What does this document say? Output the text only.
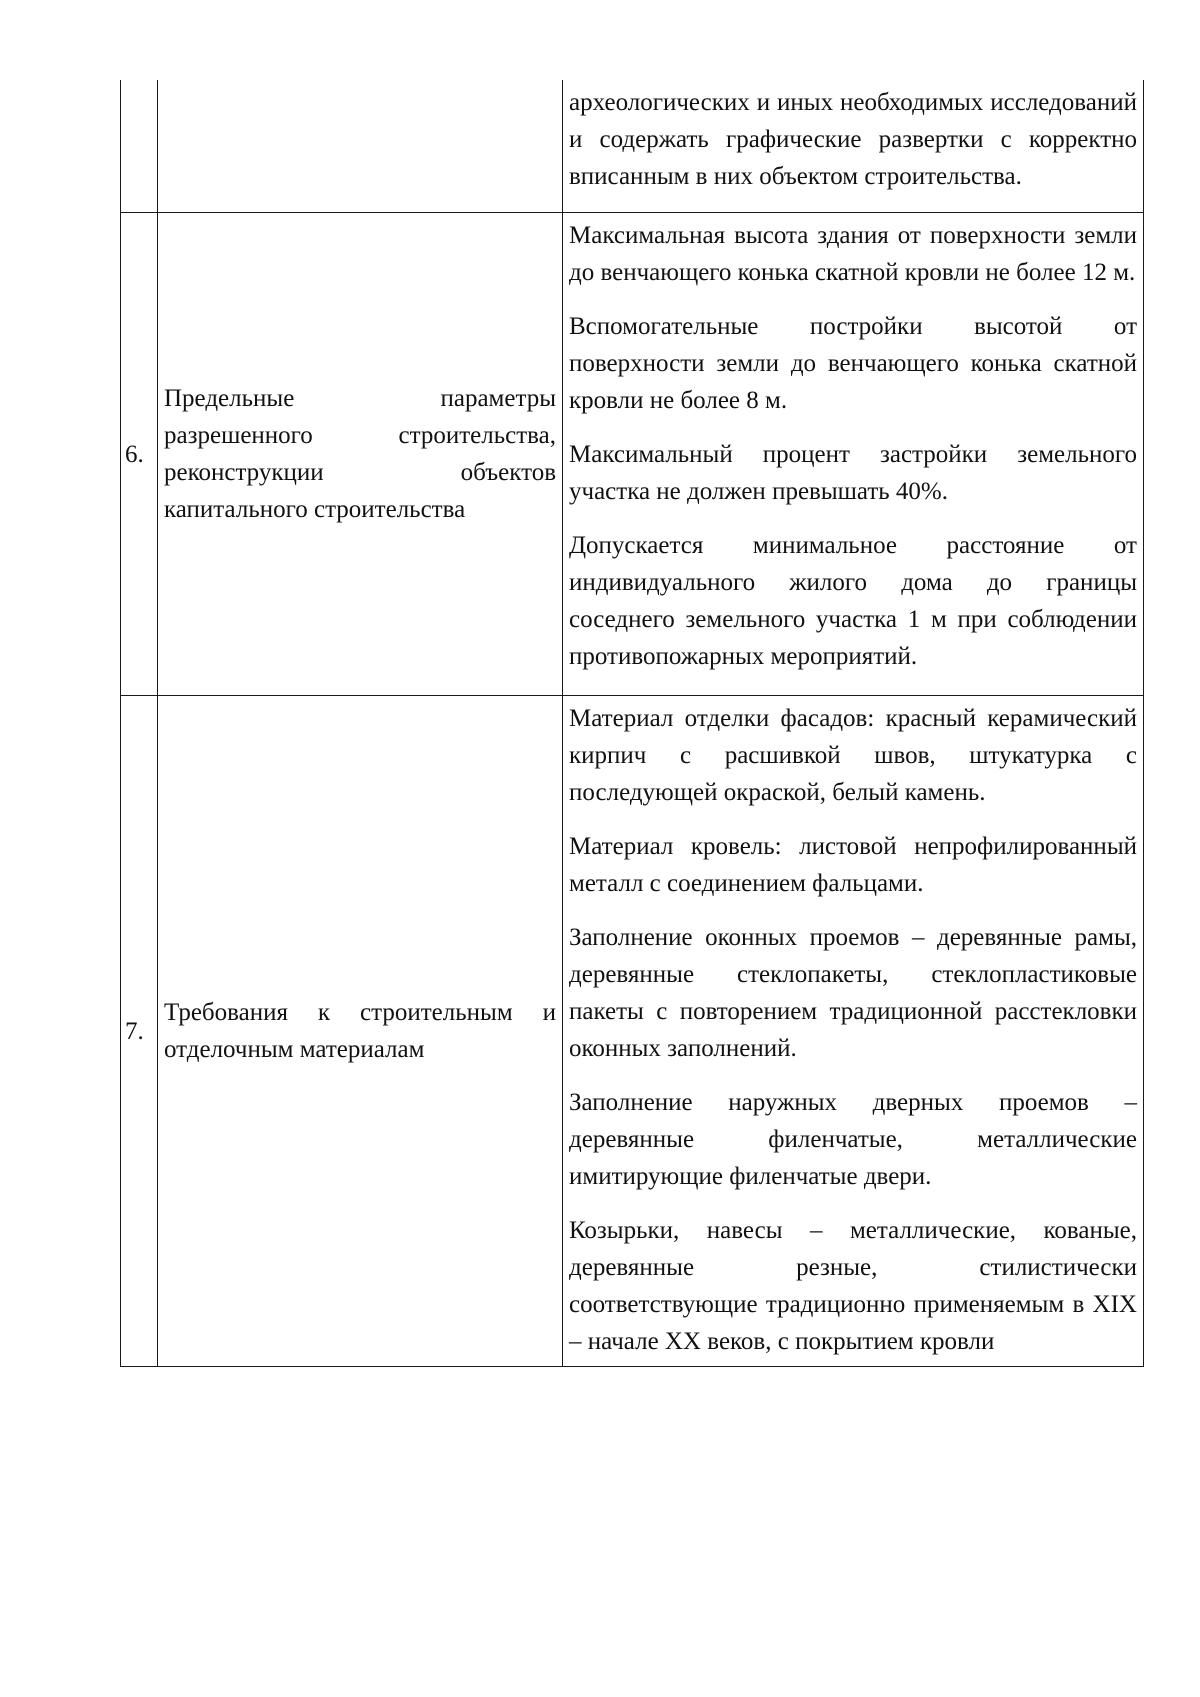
		археологических и иных необходимых исследований и содержать графические развертки с корректно вписанным в них объектом строительства.

6.	Предельные параметры разрешенного строительства, реконструкции объектов капитального строительства	Максимальная высота здания от поверхности земли до венчающего конька скатной кровли не более 12 м.

Вспомогательные постройки высотой от поверхности земли до венчающего конька скатной кровли не более 8 м.

Максимальный процент застройки земельного участка не должен превышать 40%.

Допускается минимальное расстояние от индивидуального жилого дома до границы соседнего земельного участка 1 м при соблюдении противопожарных мероприятий.

7.	Требования к строительным и отделочным материалам	Материал отделки фасадов: красный керамический кирпич с расшивкой швов, штукатурка с последующей окраской, белый камень.

Материал кровель: листовой непрофилированный металл с соединением фальцами.

Заполнение оконных проемов – деревянные рамы, деревянные стеклопакеты, стеклопластиковые пакеты с повторением традиционной расстекловки оконных заполнений.

Заполнение наружных дверных проемов – деревянные филенчатые, металлические имитирующие филенчатые двери.

Козырьки, навесы – металлические, кованые, деревянные резные, стилистически соответствующие традиционно применяемым в XIX – начале XX веков, с покрытием кровли
